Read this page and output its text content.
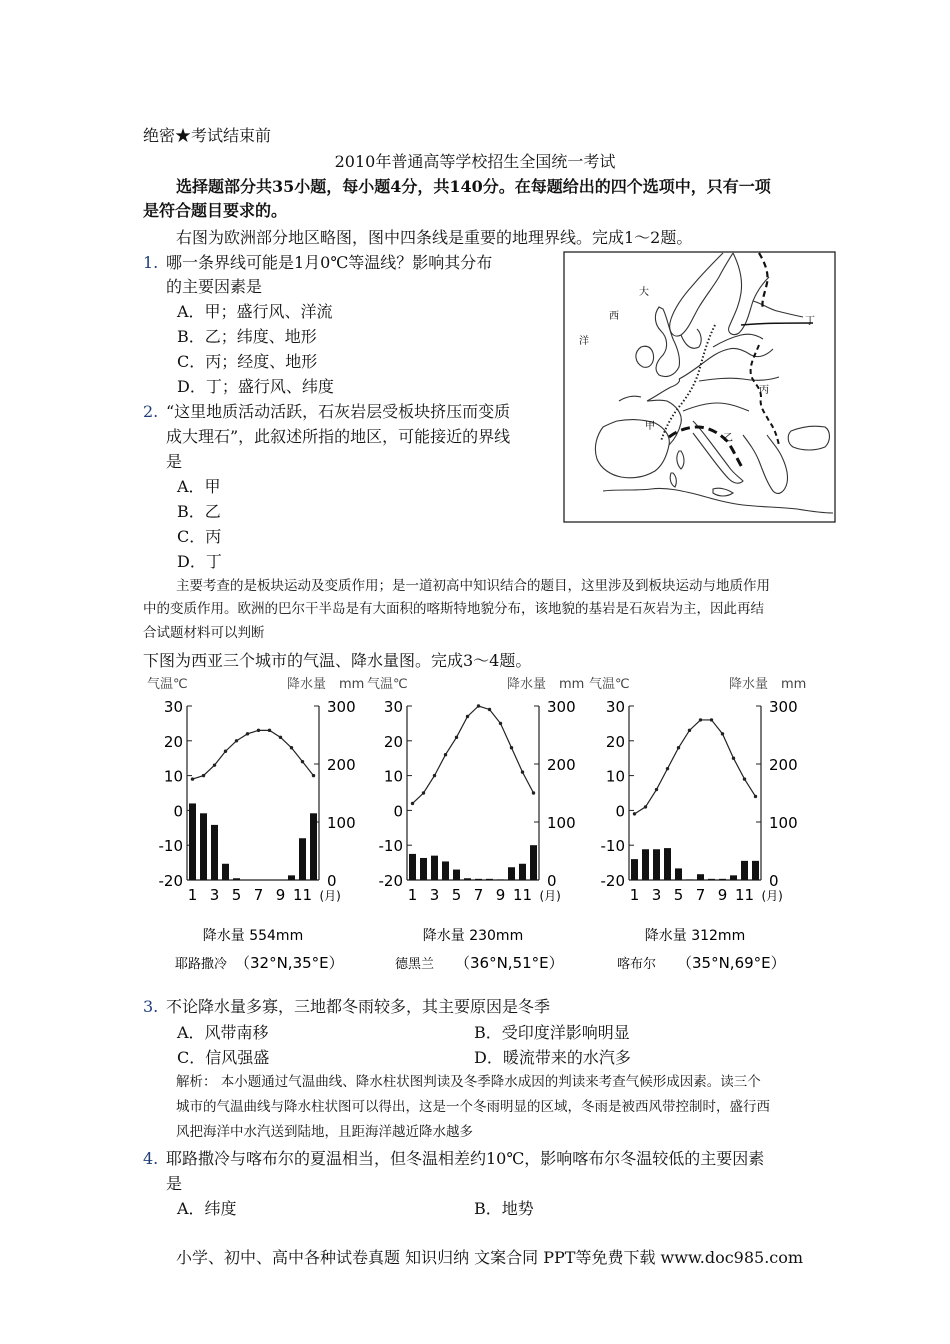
绝密★考试结束前
2010年普通高等学校招生全国统一考试
选择题部分共35小题，每小题4分，共140分。在每题给出的四个选项中，只有一项
是符合题目要求的。
右图为欧洲部分地区略图，图中四条线是重要的地理界线。完成1～2题。
1. 哪一条界线可能是1月0℃等温线？影响其分布
的主要因素是
A．甲；盛行风、洋流
B．乙；纬度、地形
C．丙；经度、地形
D．丁；盛行风、纬度
2. “这里地质活动活跃，石灰岩层受板块挤压而变质
成大理石”，此叙述所指的地区，可能接近的界线
是
A．甲
B．乙
C．丙
D．丁
主要考查的是板块运动及变质作用；是一道初高中知识结合的题目，这里涉及到板块运动与地质作用
中的变质作用。欧洲的巴尔干半岛是有大面积的喀斯特地貌分布，该地貌的基岩是石灰岩为主，因此再结
合试题材料可以判断
大
西
洋
丁
丙
甲
乙
下图为西亚三个城市的气温、降水量图。完成3～4题。
气温℃	降水量 mm
30
20
10
0
-10
-20
300
200
100
0
1 3 5 7 9 11 (月)
降水量 554mm
耶路撒冷 （32°N,35°E）
气温℃	降水量 mm
30
20
10
0
-10
-20
300
200
100
0
1 3 5 7 9 11 (月)
降水量 230mm
德黑兰 （36°N,51°E）
气温℃	降水量 mm
30
20
10
0
-10
-20
300
200
100
0
1 3 5 7 9 11 (月)
降水量 312mm
喀布尔 （35°N,69°E）
3. 不论降水量多寡，三地都冬雨较多，其主要原因是冬季
A．风带南移	B．受印度洋影响明显
C．信风强盛	D．暖流带来的水汽多
解析： 本小题通过气温曲线、降水柱状图判读及冬季降水成因的判读来考查气候形成因素。读三个
城市的气温曲线与降水柱状图可以得出，这是一个冬雨明显的区域，冬雨是被西风带控制时，盛行西
风把海洋中水汽送到陆地，且距海洋越近降水越多
4. 耶路撒冷与喀布尔的夏温相当，但冬温相差约10℃，影响喀布尔冬温较低的主要因素
是
A．纬度	B．地势
小学、初中、高中各种试卷真题 知识归纳 文案合同 PPT等免费下载 www.doc985.com
